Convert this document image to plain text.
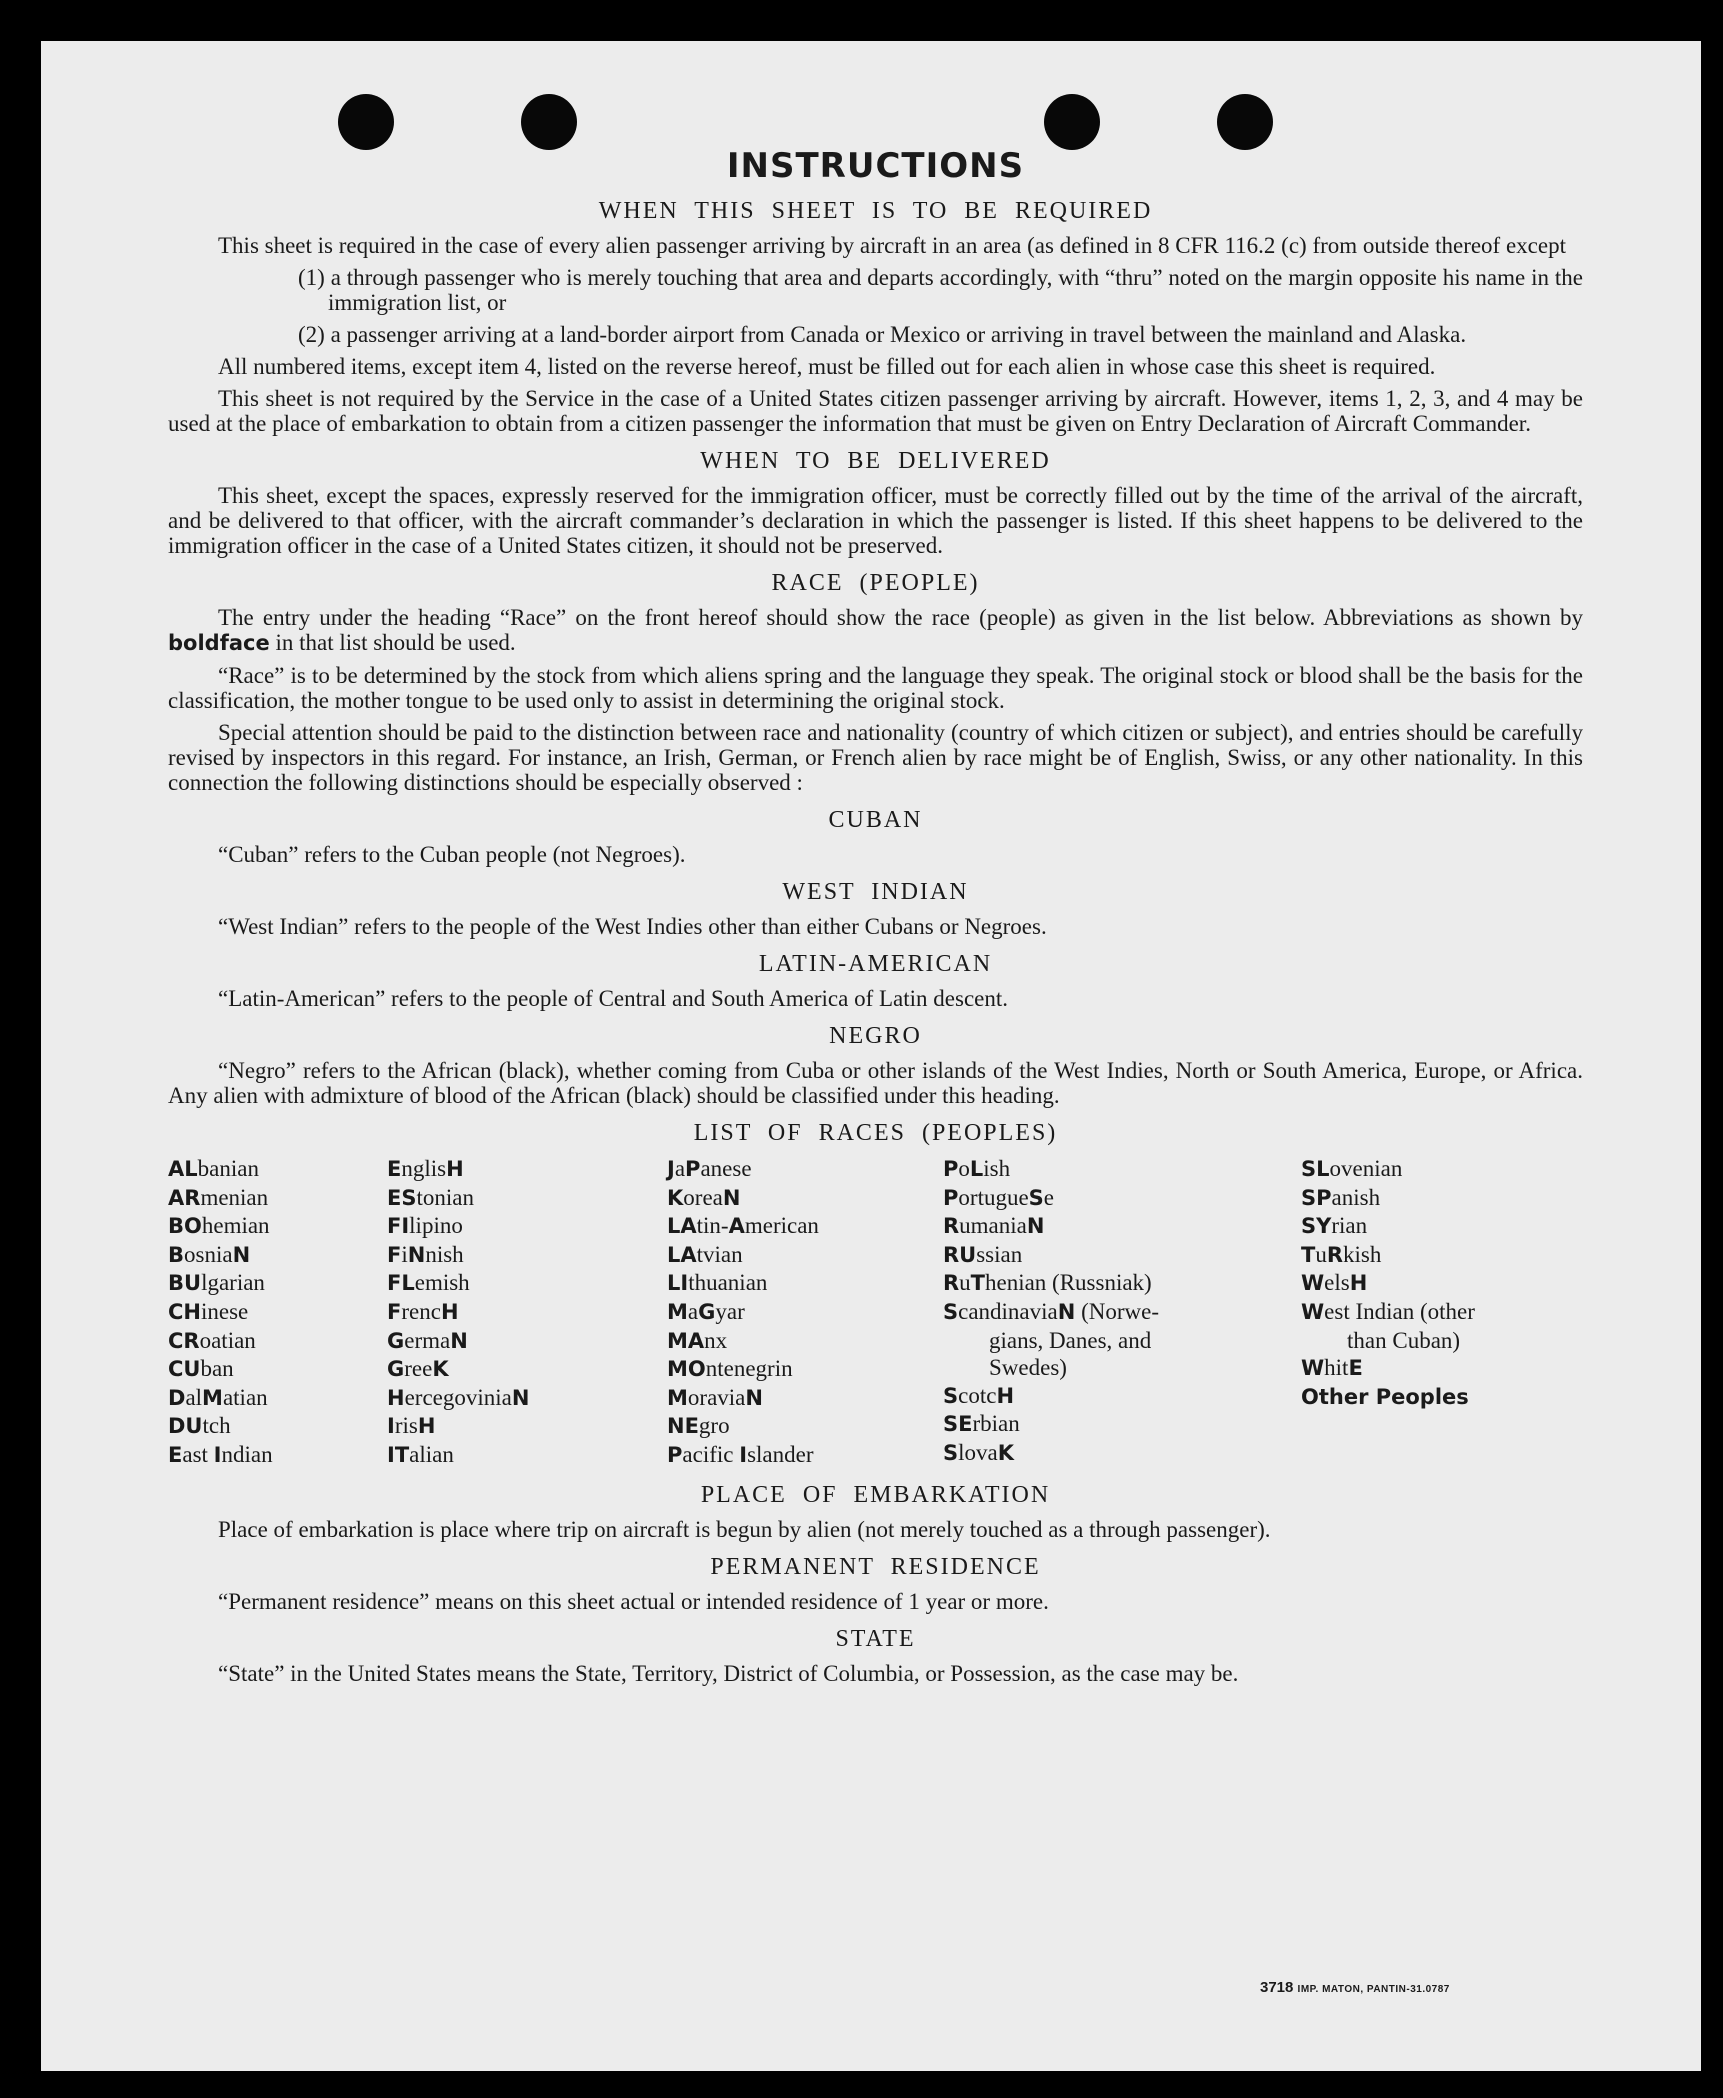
INSTRUCTIONS
WHEN THIS SHEET IS TO BE REQUIRED

This sheet is required in the case of every alien passenger arriving by aircraft in an area (as defined in 8 CFR 116.2 (c) from outside thereof except

(1) a through passenger who is merely touching that area and departs accordingly, with “thru” noted on the margin opposite his name in the immigration list, or

(2) a passenger arriving at a land-border airport from Canada or Mexico or arriving in travel between the mainland and Alaska.

All numbered items, except item 4, listed on the reverse hereof, must be filled out for each alien in whose case this sheet is required.

This sheet is not required by the Service in the case of a United States citizen passenger arriving by aircraft. However, items 1, 2, 3, and 4 may be used at the place of embarkation to obtain from a citizen passenger the information that must be given on Entry Declaration of Aircraft Commander.

WHEN TO BE DELIVERED

This sheet, except the spaces, expressly reserved for the immigration officer, must be correctly filled out by the time of the arrival of the aircraft, and be delivered to that officer, with the aircraft commander’s declaration in which the passenger is listed. If this sheet happens to be delivered to the immigration officer in the case of a United States citizen, it should not be preserved.

RACE (PEOPLE)

The entry under the heading “Race” on the front hereof should show the race (people) as given in the list below. Abbreviations as shown by boldface in that list should be used.

“Race” is to be determined by the stock from which aliens spring and the language they speak. The original stock or blood shall be the basis for the classification, the mother tongue to be used only to assist in determining the original stock.

Special attention should be paid to the distinction between race and nationality (country of which citizen or subject), and entries should be carefully revised by inspectors in this regard. For instance, an Irish, German, or French alien by race might be of English, Swiss, or any other nationality. In this connection the following distinctions should be especially observed :

CUBAN

“Cuban” refers to the Cuban people (not Negroes).

WEST INDIAN

“West Indian” refers to the people of the West Indies other than either Cubans or Negroes.

LATIN-AMERICAN

“Latin-American” refers to the people of Central and South America of Latin descent.

NEGRO

“Negro” refers to the African (black), whether coming from Cuba or other islands of the West Indies, North or South America, Europe, or Africa. Any alien with admixture of blood of the African (black) should be classified under this heading.

LIST OF RACES (PEOPLES)
ALbanian
ARmenian
BOhemian
BosniaN
BUlgarian
CHinese
CRoatian
CUban
DalMatian
DUtch
East Indian
EnglisH
EStonian
FIlipino
FiNnish
FLemish
FrencH
GermaN
GreeK
HercegoviniaN
IrisH
ITalian
JaPanese
KoreaN
LAtin-American
LAtvian
LIthuanian
MaGyar
MAnx
MOntenegrin
MoraviaN
NEgro
Pacific Islander
PoLish
PortugueSe
RumaniaN
RUssian
RuThenian (Russniak)
ScandinaviaN (Norwe-
  gians, Danes, and
  Swedes)
ScotcH
SErbian
SlovaK
SLovenian
SPanish
SYrian
TuRkish
WelsH
West Indian (other
  than Cuban)
WhitE
Other Peoples
PLACE OF EMBARKATION

Place of embarkation is place where trip on aircraft is begun by alien (not merely touched as a through passenger).

PERMANENT RESIDENCE

“Permanent residence” means on this sheet actual or intended residence of 1 year or more.

STATE

“State” in the United States means the State, Territory, District of Columbia, or Possession, as the case may be.

3718 IMP. MATON, PANTIN-31.0787
